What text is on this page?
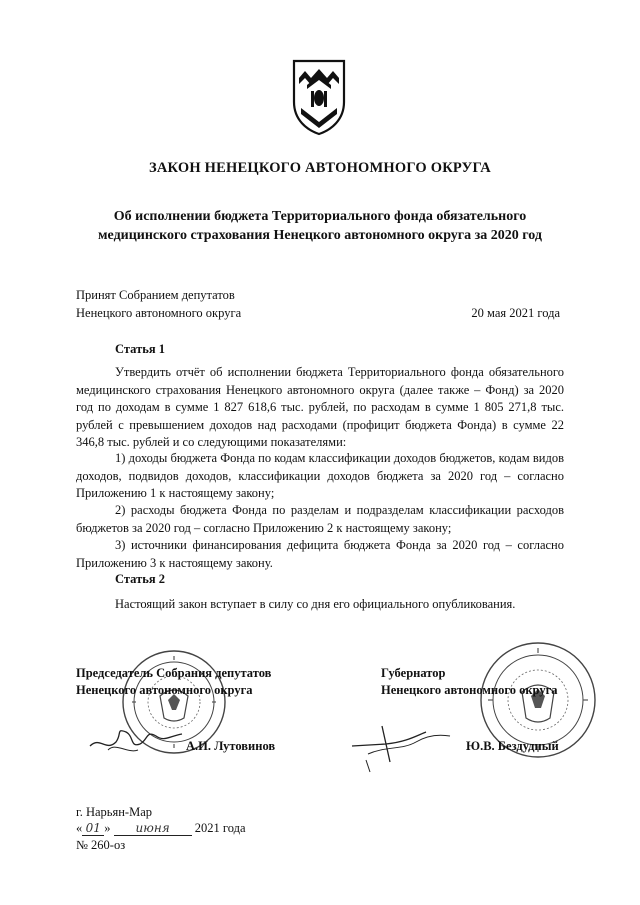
ЗАКОН НЕНЕЦКОГО АВТОНОМНОГО ОКРУГА
Об исполнении бюджета Территориального фонда обязательного
медицинского страхования Ненецкого автономного округа за 2020 год
Принят Собранием депутатов
Ненецкого автономного округа	20 мая 2021 года
Статья 1
Утвердить отчёт об исполнении бюджета Территориального фонда обязательного медицинского страхования Ненецкого автономного округа (далее также – Фонд) за 2020 год по доходам в сумме 1 827 618,6 тыс. рублей, по расходам в сумме 1 805 271,8 тыс. рублей с превышением доходов над расходами (профицит бюджета Фонда) в сумме 22 346,8 тыс. рублей и со следующими показателями:
1) доходы бюджета Фонда по кодам классификации доходов бюджетов, кодам видов доходов, подвидов доходов, классификации доходов бюджета за 2020 год – согласно Приложению 1 к настоящему закону;
2) расходы бюджета Фонда по разделам и подразделам классификации расходов бюджетов за 2020 год – согласно Приложению 2 к настоящему закону;
3) источники финансирования дефицита бюджета Фонда за 2020 год – согласно Приложению 3 к настоящему закону.
Статья 2
Настоящий закон вступает в силу со дня его официального опубликования.
Председатель Собрания депутатов
Ненецкого автономного округа
А.И. Лутовинов
Губернатор
Ненецкого автономного округа
Ю.В. Бездудный
г. Нарьян-Мар
« 01 » июня 2021 года
№ 260-оз
